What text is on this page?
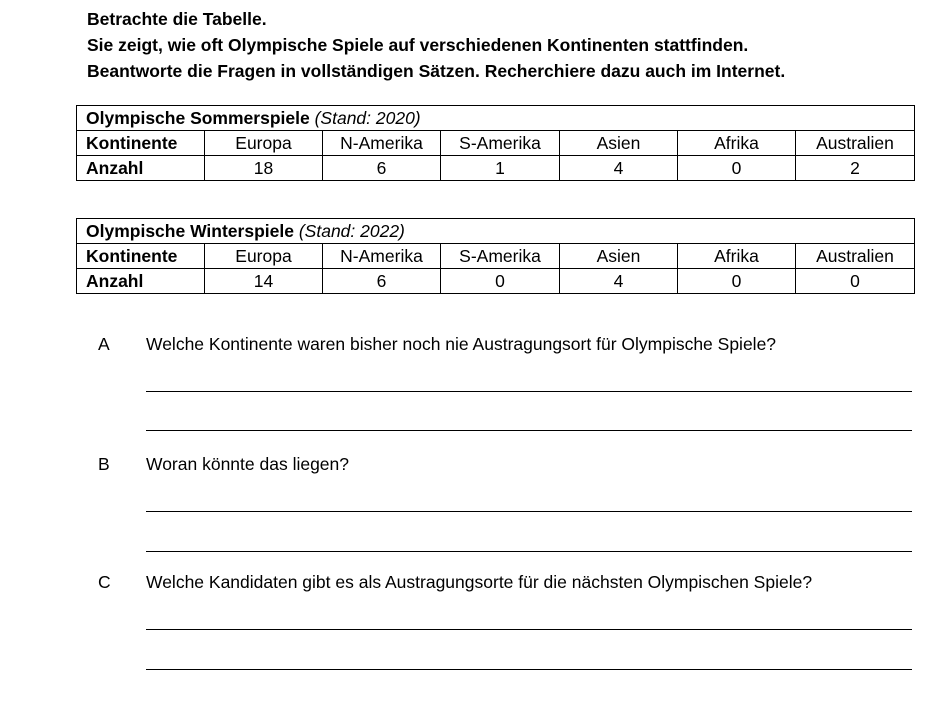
Betrachte die Tabelle.
Sie zeigt, wie oft Olympische Spiele auf verschiedenen Kontinenten stattfinden.
Beantworte die Fragen in vollständigen Sätzen. Recherchiere dazu auch im Internet.
Olympische Sommerspiele (Stand: 2020)						
Kontinente	Europa	N-Amerika	S-Amerika	Asien	Afrika	Australien
Anzahl	18	6	1	4	0	2
Olympische Winterspiele (Stand: 2022)						
Kontinente	Europa	N-Amerika	S-Amerika	Asien	Afrika	Australien
Anzahl	14	6	0	4	0	0
A Welche Kontinente waren bisher noch nie Austragungsort für Olympische Spiele?
B Woran könnte das liegen?
C Welche Kandidaten gibt es als Austragungsorte für die nächsten Olympischen Spiele?
